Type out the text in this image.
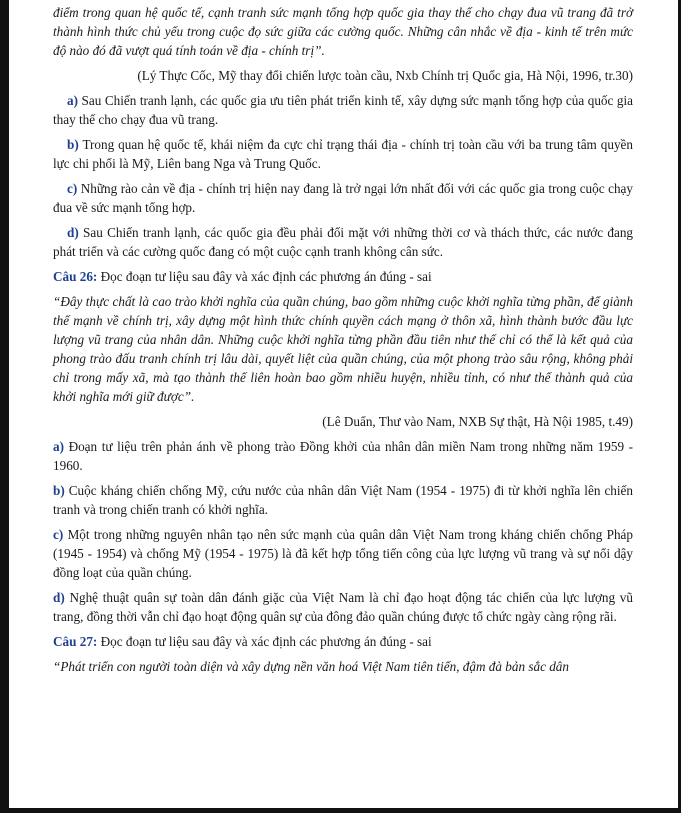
điểm trong quan hệ quốc tế, cạnh tranh sức mạnh tổng hợp quốc gia thay thế cho chạy đua vũ trang đã trở thành hình thức chủ yếu trong cuộc đọ sức giữa các cường quốc. Những cân nhắc về địa - kinh tế trên mức độ nào đó đã vượt quá tính toán về địa - chính trị”.

(Lý Thực Cốc, Mỹ thay đổi chiến lược toàn cầu, Nxb Chính trị Quốc gia, Hà Nội, 1996, tr.30)

a) Sau Chiến tranh lạnh, các quốc gia ưu tiên phát triển kinh tế, xây dựng sức mạnh tổng hợp của quốc gia thay thế cho chạy đua vũ trang.

b) Trong quan hệ quốc tế, khái niệm đa cực chỉ trạng thái địa - chính trị toàn cầu với ba trung tâm quyền lực chi phối là Mỹ, Liên bang Nga và Trung Quốc.

c) Những rào cản về địa - chính trị hiện nay đang là trở ngại lớn nhất đối với các quốc gia trong cuộc chạy đua về sức mạnh tổng hợp.

d) Sau Chiến tranh lạnh, các quốc gia đều phải đối mặt với những thời cơ và thách thức, các nước đang phát triển và các cường quốc đang có một cuộc cạnh tranh không cân sức.

Câu 26: Đọc đoạn tư liệu sau đây và xác định các phương án đúng - sai

“Đây thực chất là cao trào khởi nghĩa của quần chúng, bao gồm những cuộc khởi nghĩa từng phần, để giành thế mạnh về chính trị, xây dựng một hình thức chính quyền cách mạng ở thôn xã, hình thành bước đầu lực lượng vũ trang của nhân dân. Những cuộc khởi nghĩa từng phần đầu tiên như thế chỉ có thể là kết quả của phong trào đấu tranh chính trị lâu dài, quyết liệt của quần chúng, của một phong trào sâu rộng, không phải chỉ trong mấy xã, mà tạo thành thế liên hoàn bao gồm nhiều huyện, nhiều tỉnh, có như thế thành quả của khởi nghĩa mới giữ được”.

(Lê Duẩn, Thư vào Nam, NXB Sự thật, Hà Nội 1985, t.49)

a) Đoạn tư liệu trên phản ánh về phong trào Đồng khởi của nhân dân miền Nam trong những năm 1959 - 1960.

b) Cuộc kháng chiến chống Mỹ, cứu nước của nhân dân Việt Nam (1954 - 1975) đi từ khởi nghĩa lên chiến tranh và trong chiến tranh có khởi nghĩa.

c) Một trong những nguyên nhân tạo nên sức mạnh của quân dân Việt Nam trong kháng chiến chống Pháp (1945 - 1954) và chống Mỹ (1954 - 1975) là đã kết hợp tổng tiến công của lực lượng vũ trang và sự nổi dậy đồng loạt của quần chúng.

d) Nghệ thuật quân sự toàn dân đánh giặc của Việt Nam là chỉ đạo hoạt động tác chiến của lực lượng vũ trang, đồng thời vẫn chỉ đạo hoạt động quân sự của đông đảo quần chúng được tổ chức ngày càng rộng rãi.

Câu 27: Đọc đoạn tư liệu sau đây và xác định các phương án đúng - sai

“Phát triển con người toàn diện và xây dựng nền văn hoá Việt Nam tiên tiến, đậm đà bản sắc dân
